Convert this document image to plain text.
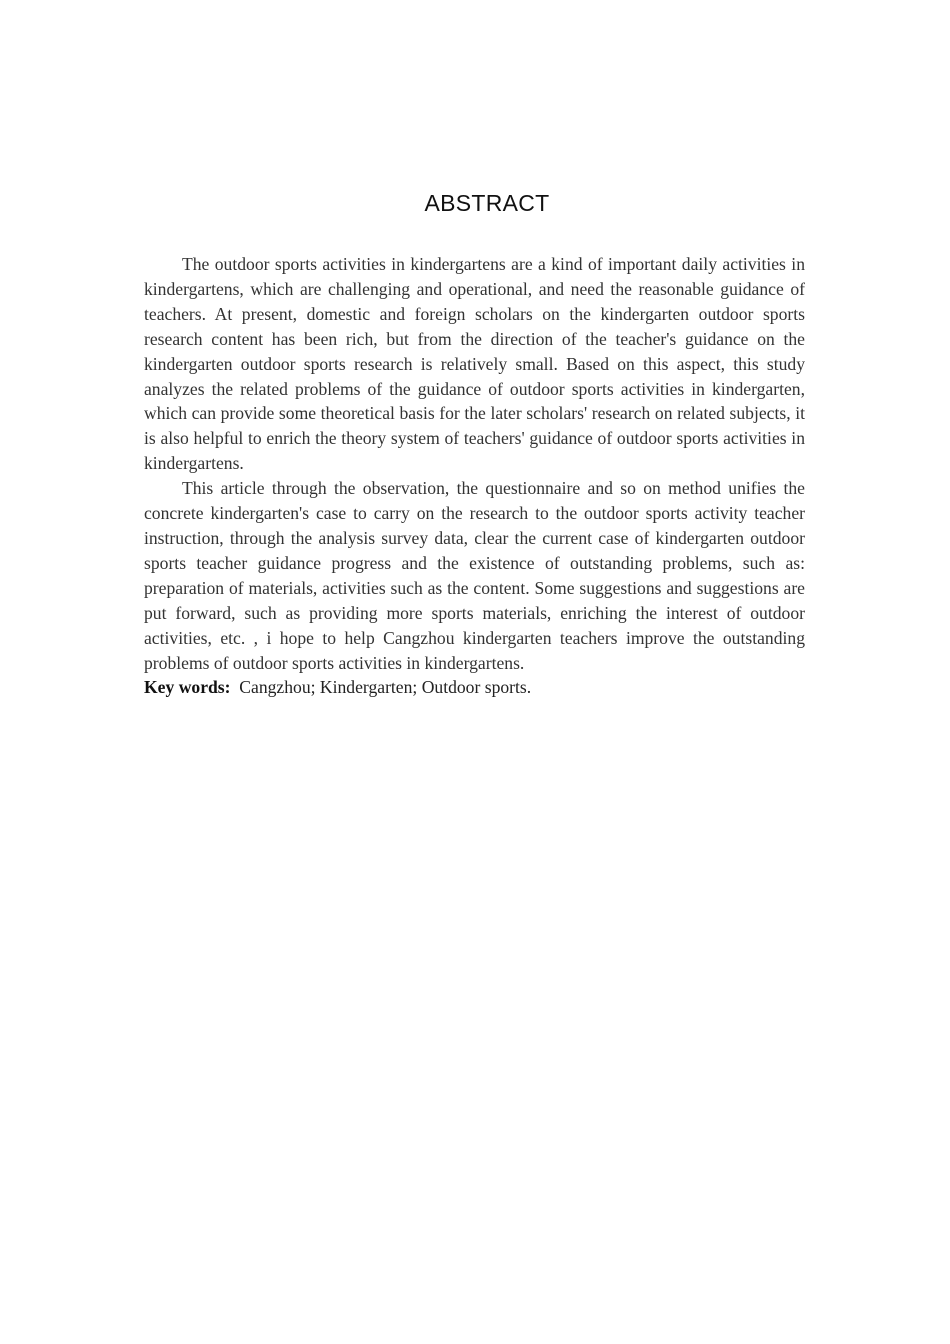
ABSTRACT

The outdoor sports activities in kindergartens are a kind of important daily activities in kindergartens, which are challenging and operational, and need the reasonable guidance of teachers. At present, domestic and foreign scholars on the kindergarten outdoor sports research content has been rich, but from the direction of the teacher's guidance on the kindergarten outdoor sports research is relatively small. Based on this aspect, this study analyzes the related problems of the guidance of outdoor sports activities in kindergarten, which can provide some theoretical basis for the later scholars' research on related subjects, it is also helpful to enrich the theory system of teachers' guidance of outdoor sports activities in kindergartens.

This article through the observation, the questionnaire and so on method unifies the concrete kindergarten's case to carry on the research to the outdoor sports activity teacher instruction, through the analysis survey data, clear the current case of kindergarten outdoor sports teacher guidance progress and the existence of outstanding problems, such as: preparation of materials, activities such as the content. Some suggestions and suggestions are put forward, such as providing more sports materials, enriching the interest of outdoor activities, etc. , i hope to help Cangzhou kindergarten teachers improve the outstanding problems of outdoor sports activities in kindergartens.

Key words: Cangzhou; Kindergarten; Outdoor sports.
